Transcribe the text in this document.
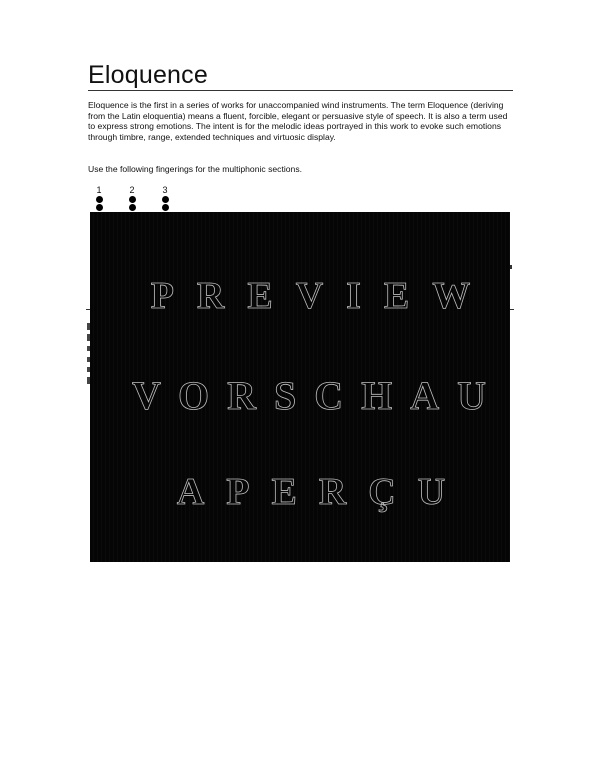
Eloquence

Eloquence is the first in a series of works for unaccompanied wind instruments. The term Eloquence (deriving from the Latin eloquentia) means a fluent, forcible, elegant or persuasive style of speech. It is also a term used to express strong emotions. The intent is for the melodic ideas portrayed in this work to evoke such emotions through timbre, range, extended techniques and virtuosic display.

Use the following fingerings for the multiphonic sections.

1	2	3
PREVIEW
VORSCHAU
APERÇU
